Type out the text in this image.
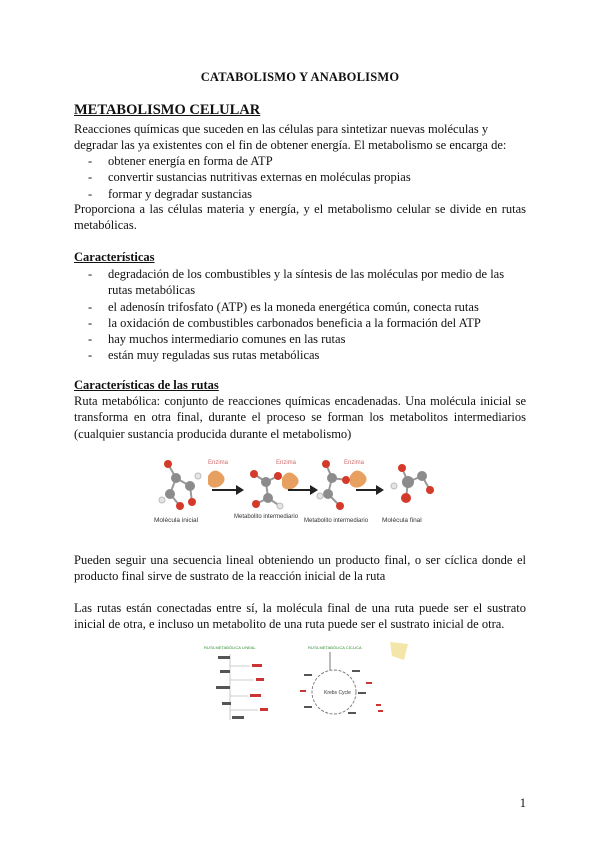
CATABOLISMO Y ANABOLISMO
METABOLISMO CELULAR
Reacciones químicas que suceden en las células para sintetizar nuevas moléculas y degradar las ya existentes con el fin de obtener energía. El metabolismo se encarga de:
- obtener energía en forma de ATP
- convertir sustancias nutritivas externas en moléculas propias
- formar y degradar sustancias
Proporciona a las células materia y energía, y el metabolismo celular se divide en rutas metabólicas.
Características
- degradación de los combustibles y la síntesis de las moléculas por medio de las rutas metabólicas
- el adenosín trifosfato (ATP) es la moneda energética común, conecta rutas
- la oxidación de combustibles carbonados beneficia a la formación del ATP
- hay muchos intermediario comunes en las rutas
- están muy reguladas sus rutas metabólicas
Características de las rutas
Ruta metabólica: conjunto de reacciones químicas encadenadas. Una molécula inicial se transforma en otra final, durante el proceso se forman los metabolitos intermediarios (cualquier sustancia producida durante el metabolismo)
Enzima	Enzima	Enzima
Molécula inicial	Metabolito intermediario
Metabolito intermediario Molécula final
Pueden seguir una secuencia lineal obteniendo un producto final, o ser cíclica donde el producto final sirve de sustrato de la reacción inicial de la ruta
Las rutas están conectadas entre sí, la molécula final de una ruta puede ser el sustrato inicial de otra, e incluso un metabolito de una ruta puede ser el sustrato inicial de otra.
RUTA METABÓLICA LINEAL	RUTA METABÓLICA CÍCLICA
Krebs Cycle
1
